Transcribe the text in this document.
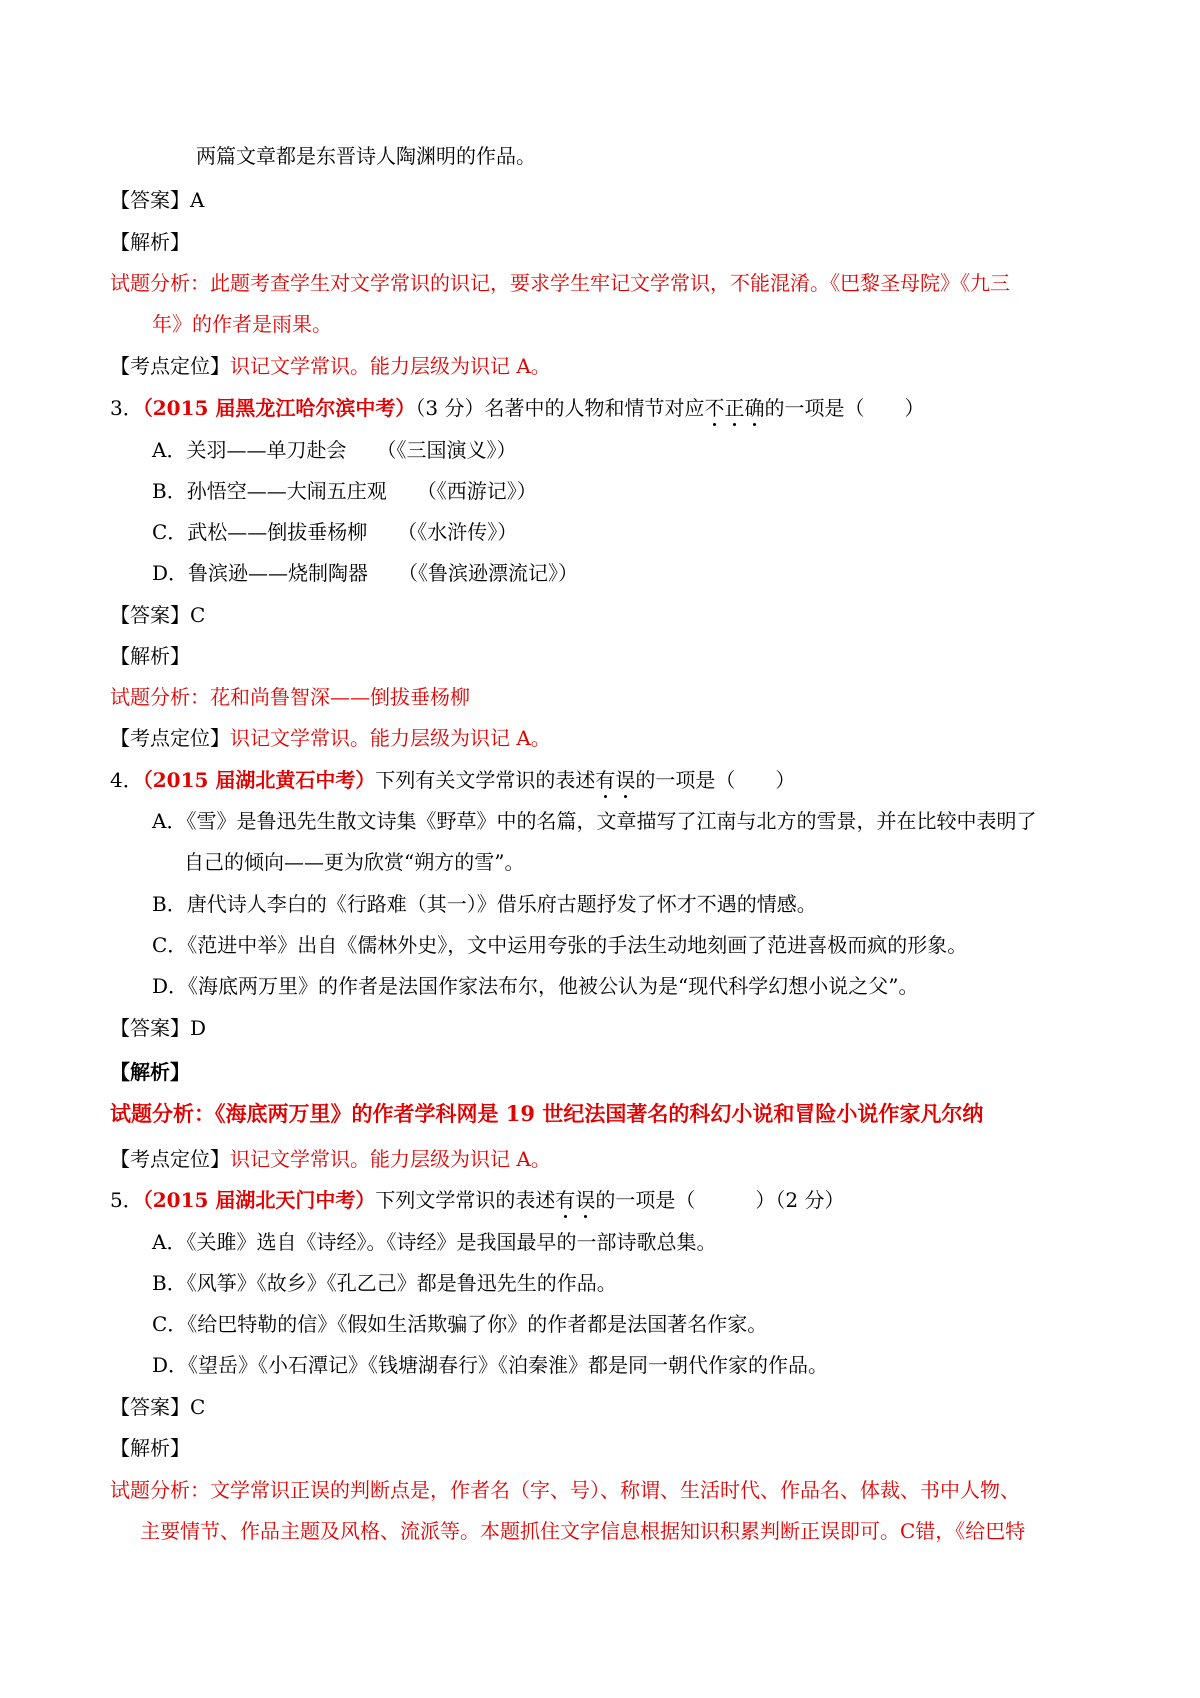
两篇文章都是东晋诗人陶渊明的作品。
【答案】A
【解析】
试题分析：此题考查学生对文学常识的识记，要求学生牢记文学常识，不能混淆。《巴黎圣母院》《九三
年》的作者是雨果。
【考点定位】识记文学常识。能力层级为识记 A。
3．（2015 届黑龙江哈尔滨中考）（3 分）名著中的人物和情节对应不正确的一项是（　　）
A．关羽——单刀赴会　　（《三国演义》）
B．孙悟空——大闹五庄观　　（《西游记》）
C．武松——倒拔垂杨柳　　（《水浒传》）
D．鲁滨逊——烧制陶器　　（《鲁滨逊漂流记》）
【答案】C
【解析】
试题分析：花和尚鲁智深——倒拔垂杨柳
【考点定位】识记文学常识。能力层级为识记 A。
4．（2015 届湖北黄石中考）下列有关文学常识的表述有误的一项是（　　）
A．《雪》是鲁迅先生散文诗集《野草》中的名篇，文章描写了江南与北方的雪景，并在比较中表明了
自己的倾向——更为欣赏“朔方的雪”。
B．唐代诗人李白的《行路难（其一）》借乐府古题抒发了怀才不遇的情感。
C．《范进中举》出自《儒林外史》，文中运用夸张的手法生动地刻画了范进喜极而疯的形象。
D．《海底两万里》的作者是法国作家法布尔，他被公认为是“现代科学幻想小说之父”。
【答案】D
【解析】
试题分析：《海底两万里》的作者学科网是 19 世纪法国著名的科幻小说和冒险小说作家凡尔纳
【考点定位】识记文学常识。能力层级为识记 A。
5．（2015 届湖北天门中考）下列文学常识的表述有误的一项是（　　　）（2 分）
A．《关雎》选自《诗经》。《诗经》是我国最早的一部诗歌总集。
B．《风筝》《故乡》《孔乙己》都是鲁迅先生的作品。
C．《给巴特勒的信》《假如生活欺骗了你》的作者都是法国著名作家。
D．《望岳》《小石潭记》《钱塘湖春行》《泊秦淮》都是同一朝代作家的作品。
【答案】C
【解析】
试题分析：文学常识正误的判断点是，作者名（字、号）、称谓、生活时代、作品名、体裁、书中人物、
主要情节、作品主题及风格、流派等。本题抓住文字信息根据知识积累判断正误即可。C错，《给巴特
